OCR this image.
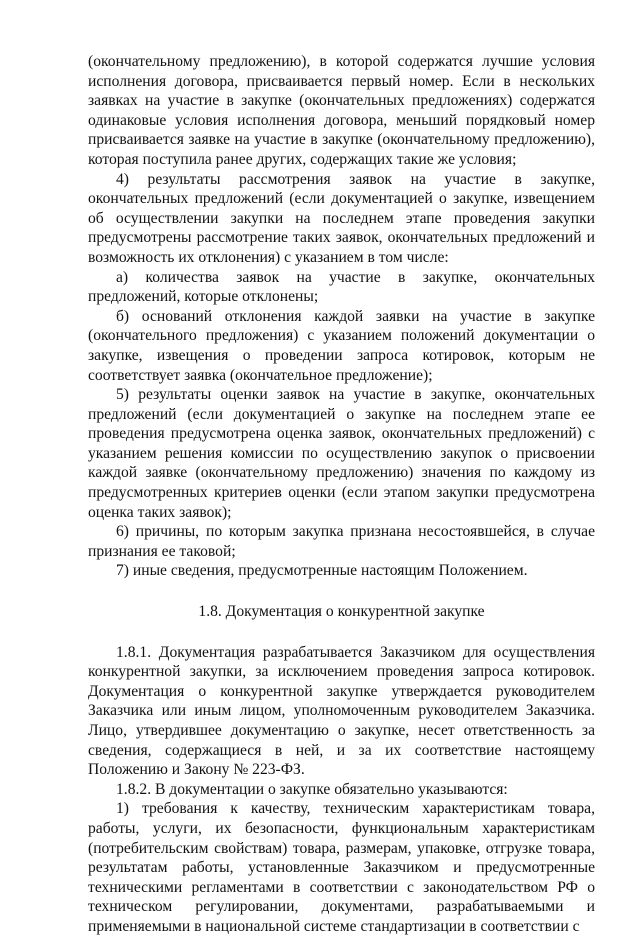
(окончательному предложению), в которой содержатся лучшие условия исполнения договора, присваивается первый номер. Если в нескольких заявках на участие в закупке (окончательных предложениях) содержатся одинаковые условия исполнения договора, меньший порядковый номер присваивается заявке на участие в закупке (окончательному предложению), которая поступила ранее других, содержащих такие же условия;

4) результаты рассмотрения заявок на участие в закупке, окончательных предложений (если документацией о закупке, извещением об осуществлении закупки на последнем этапе проведения закупки предусмотрены рассмотрение таких заявок, окончательных предложений и возможность их отклонения) с указанием в том числе:

а) количества заявок на участие в закупке, окончательных предложений, которые отклонены;

б) оснований отклонения каждой заявки на участие в закупке (окончательного предложения) с указанием положений документации о закупке, извещения о проведении запроса котировок, которым не соответствует заявка (окончательное предложение);

5) результаты оценки заявок на участие в закупке, окончательных предложений (если документацией о закупке на последнем этапе ее проведения предусмотрена оценка заявок, окончательных предложений) с указанием решения комиссии по осуществлению закупок о присвоении каждой заявке (окончательному предложению) значения по каждому из предусмотренных критериев оценки (если этапом закупки предусмотрена оценка таких заявок);

6) причины, по которым закупка признана несостоявшейся, в случае признания ее таковой;

7) иные сведения, предусмотренные настоящим Положением.

1.8. Документация о конкурентной закупке

1.8.1. Документация разрабатывается Заказчиком для осуществления конкурентной закупки, за исключением проведения запроса котировок. Документация о конкурентной закупке утверждается руководителем Заказчика или иным лицом, уполномоченным руководителем Заказчика. Лицо, утвердившее документацию о закупке, несет ответственность за сведения, содержащиеся в ней, и за их соответствие настоящему Положению и Закону № 223-ФЗ.

1.8.2. В документации о закупке обязательно указываются:

1) требования к качеству, техническим характеристикам товара, работы, услуги, их безопасности, функциональным характеристикам (потребительским свойствам) товара, размерам, упаковке, отгрузке товара, результатам работы, установленные Заказчиком и предусмотренные техническими регламентами в соответствии с законодательством РФ о техническом регулировании, документами, разрабатываемыми и применяемыми в национальной системе стандартизации в соответствии с
